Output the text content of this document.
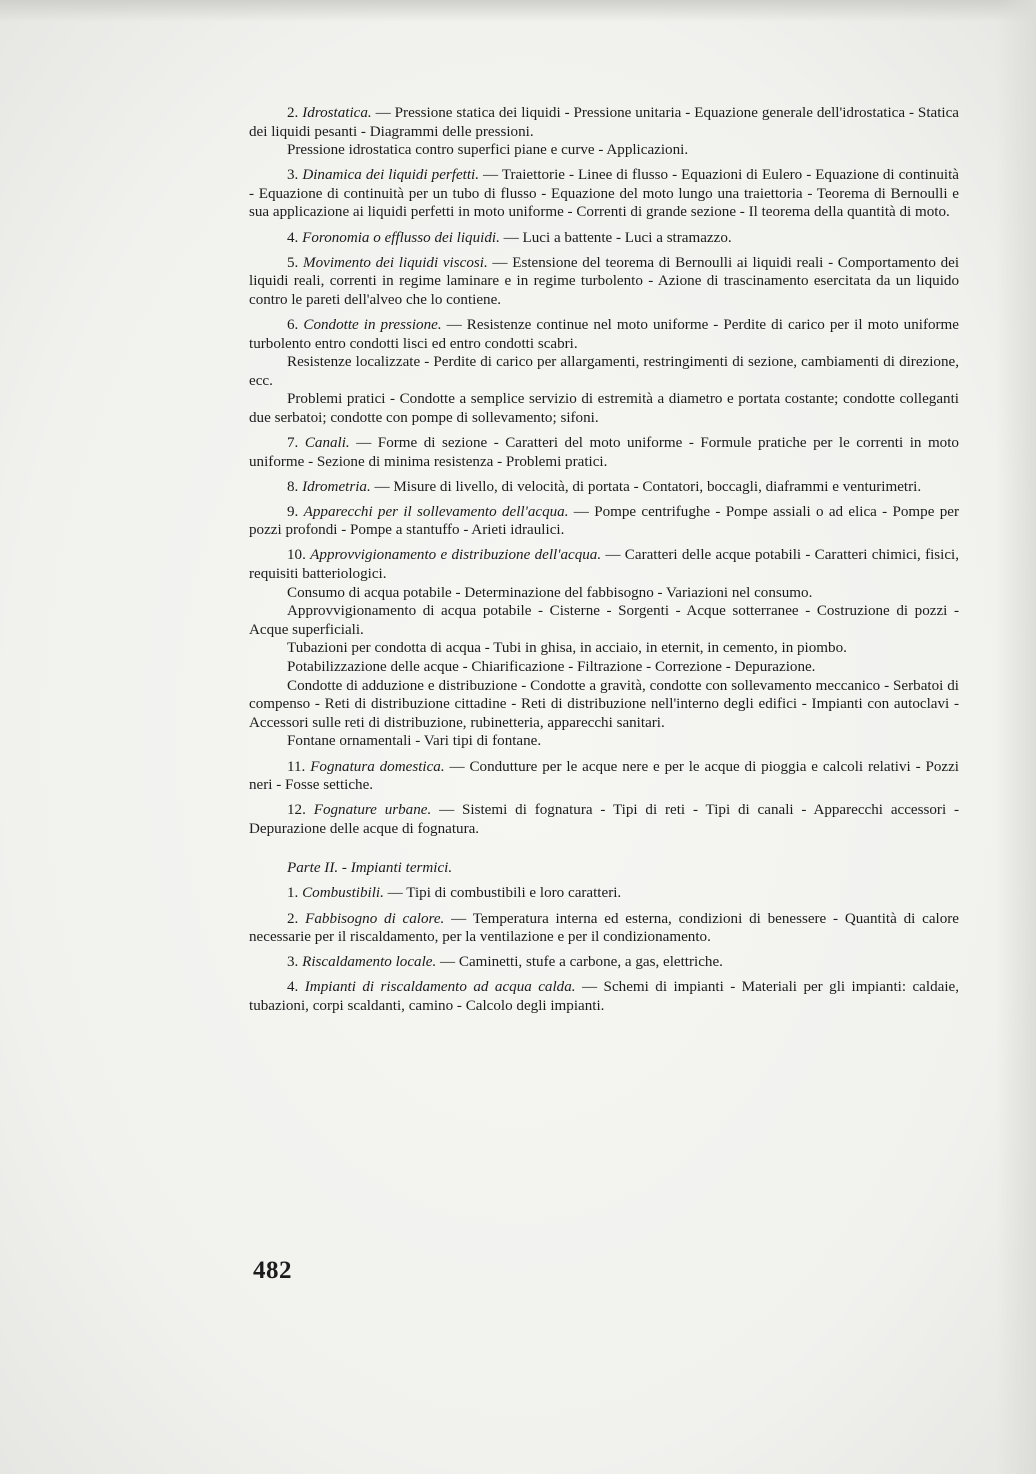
2. Idrostatica. — Pressione statica dei liquidi - Pressione unitaria - Equazione generale dell'idrostatica - Statica dei liquidi pesanti - Diagrammi delle pressioni.

Pressione idrostatica contro superfici piane e curve - Applicazioni.

3. Dinamica dei liquidi perfetti. — Traiettorie - Linee di flusso - Equazioni di Eulero - Equazione di continuità - Equazione di continuità per un tubo di flusso - Equazione del moto lungo una traiettoria - Teorema di Bernoulli e sua applicazione ai liquidi perfetti in moto uniforme - Correnti di grande sezione - Il teorema della quantità di moto.

4. Foronomia o efflusso dei liquidi. — Luci a battente - Luci a stramazzo.

5. Movimento dei liquidi viscosi. — Estensione del teorema di Bernoulli ai liquidi reali - Comportamento dei liquidi reali, correnti in regime laminare e in regime turbolento - Azione di trascinamento esercitata da un liquido contro le pareti dell'alveo che lo contiene.

6. Condotte in pressione. — Resistenze continue nel moto uniforme - Perdite di carico per il moto uniforme turbolento entro condotti lisci ed entro condotti scabri.

Resistenze localizzate - Perdite di carico per allargamenti, restringimenti di sezione, cambiamenti di direzione, ecc.

Problemi pratici - Condotte a semplice servizio di estremità a diametro e portata costante; condotte colleganti due serbatoi; condotte con pompe di sollevamento; sifoni.

7. Canali. — Forme di sezione - Caratteri del moto uniforme - Formule pratiche per le correnti in moto uniforme - Sezione di minima resistenza - Problemi pratici.

8. Idrometria. — Misure di livello, di velocità, di portata - Contatori, boccagli, diaframmi e venturimetri.

9. Apparecchi per il sollevamento dell'acqua. — Pompe centrifughe - Pompe assiali o ad elica - Pompe per pozzi profondi - Pompe a stantuffo - Arieti idraulici.

10. Approvvigionamento e distribuzione dell'acqua. — Caratteri delle acque potabili - Caratteri chimici, fisici, requisiti batteriologici.

Consumo di acqua potabile - Determinazione del fabbisogno - Variazioni nel consumo.

Approvvigionamento di acqua potabile - Cisterne - Sorgenti - Acque sotterranee - Costruzione di pozzi - Acque superficiali.

Tubazioni per condotta di acqua - Tubi in ghisa, in acciaio, in eternit, in cemento, in piombo.

Potabilizzazione delle acque - Chiarificazione - Filtrazione - Correzione - Depurazione.

Condotte di adduzione e distribuzione - Condotte a gravità, condotte con sollevamento meccanico - Serbatoi di compenso - Reti di distribuzione cittadine - Reti di distribuzione nell'interno degli edifici - Impianti con autoclavi - Accessori sulle reti di distribuzione, rubinetteria, apparecchi sanitari.

Fontane ornamentali - Vari tipi di fontane.

11. Fognatura domestica. — Condutture per le acque nere e per le acque di pioggia e calcoli relativi - Pozzi neri - Fosse settiche.

12. Fognature urbane. — Sistemi di fognatura - Tipi di reti - Tipi di canali - Apparecchi accessori - Depurazione delle acque di fognatura.

Parte II. - Impianti termici.

1. Combustibili. — Tipi di combustibili e loro caratteri.

2. Fabbisogno di calore. — Temperatura interna ed esterna, condizioni di benessere - Quantità di calore necessarie per il riscaldamento, per la ventilazione e per il condizionamento.

3. Riscaldamento locale. — Caminetti, stufe a carbone, a gas, elettriche.

4. Impianti di riscaldamento ad acqua calda. — Schemi di impianti - Materiali per gli impianti: caldaie, tubazioni, corpi scaldanti, camino - Calcolo degli impianti.

482
